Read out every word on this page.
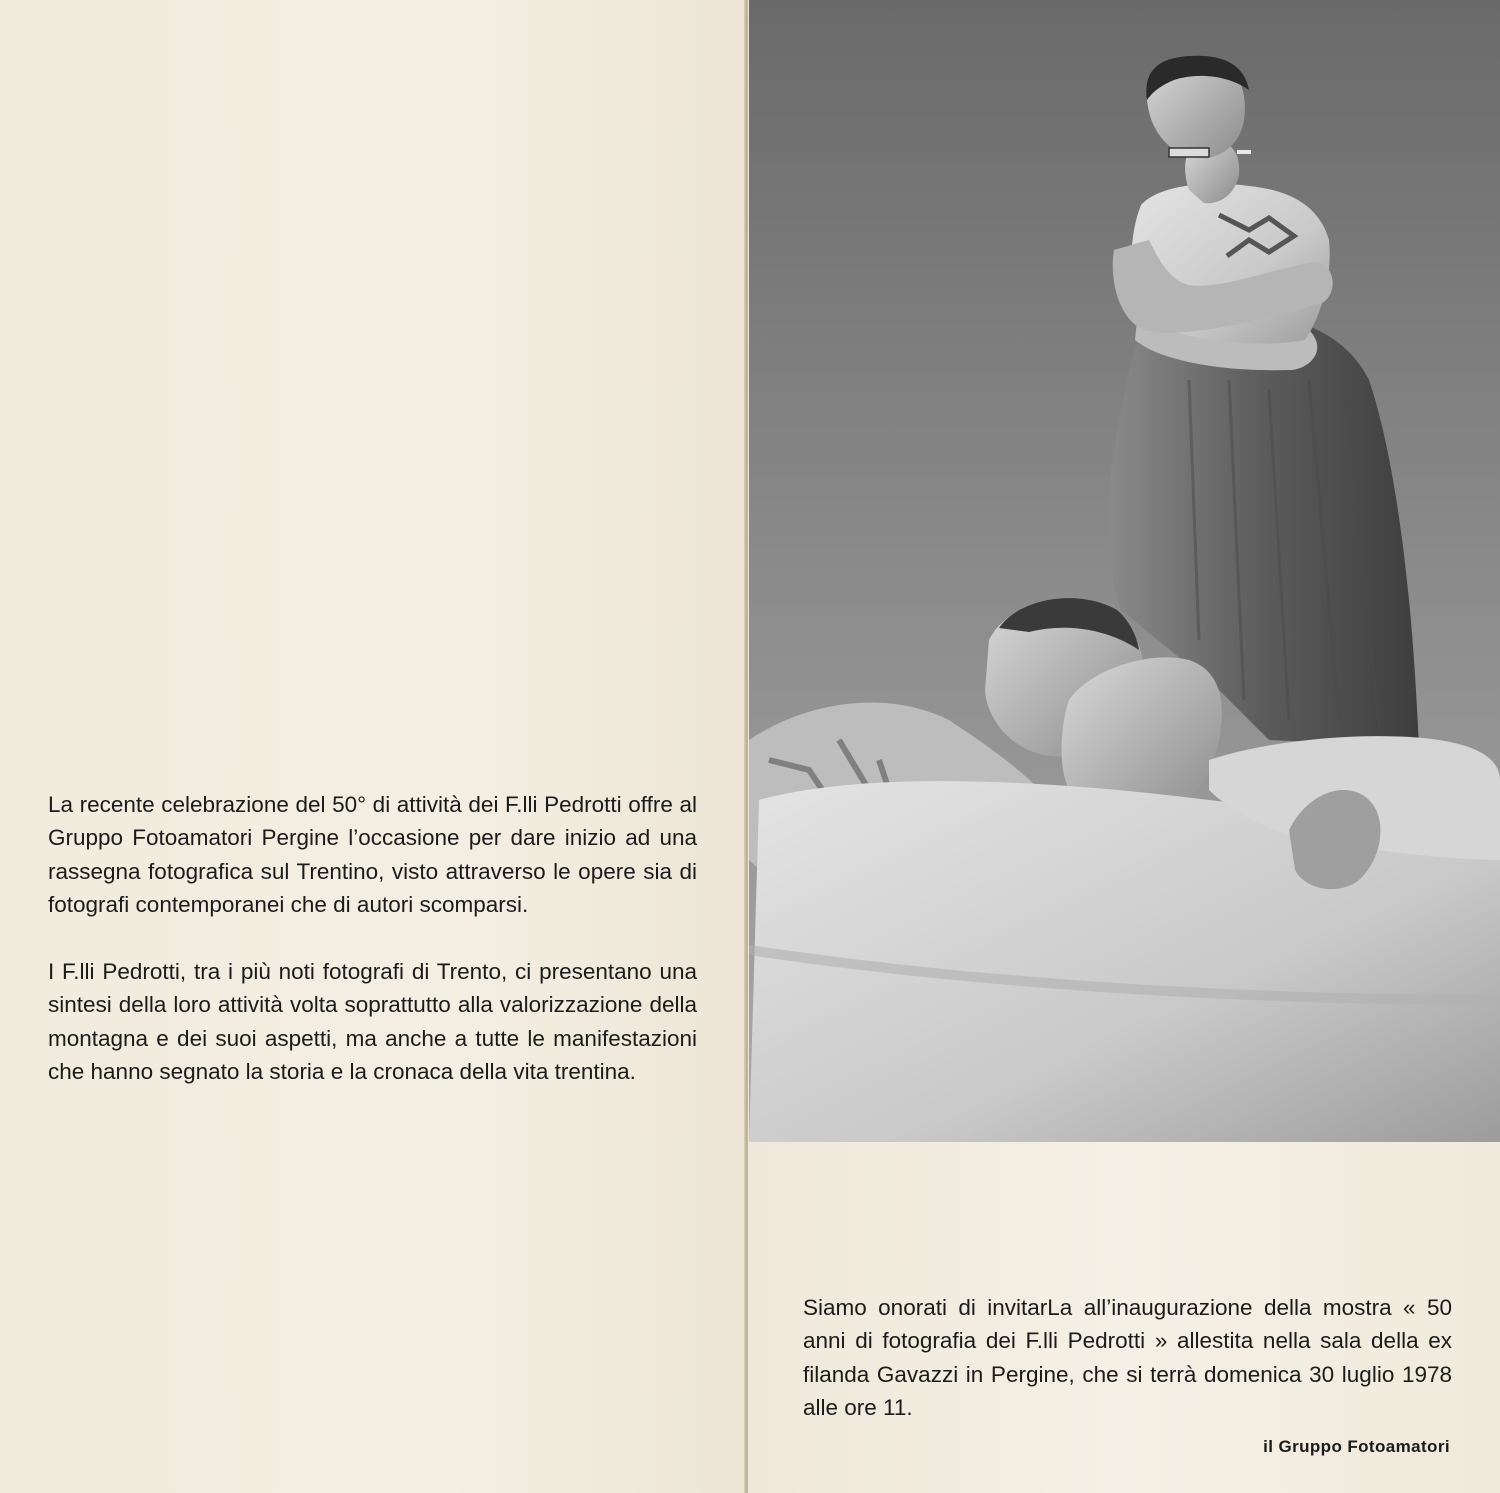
La recente celebrazione del 50° di attività dei F.lli Pedrotti offre al Gruppo Fotoamatori Pergine l’occasione per dare inizio ad una rassegna fotografica sul Trentino, visto attraverso le opere sia di fotografi contemporanei che di autori scomparsi.

I F.lli Pedrotti, tra i più noti fotografi di Trento, ci presentano una sintesi della loro attività volta soprattutto alla valorizzazione della montagna e dei suoi aspetti, ma anche a tutte le manifestazioni che hanno segnato la storia e la cronaca della vita trentina.

Siamo onorati di invitarLa all’inaugurazione della mostra « 50 anni di fotografia dei F.lli Pedrotti » allestita nella sala della ex filanda Gavazzi in Pergine, che si terrà domenica 30 luglio 1978 alle ore 11.

il Gruppo Fotoamatori
